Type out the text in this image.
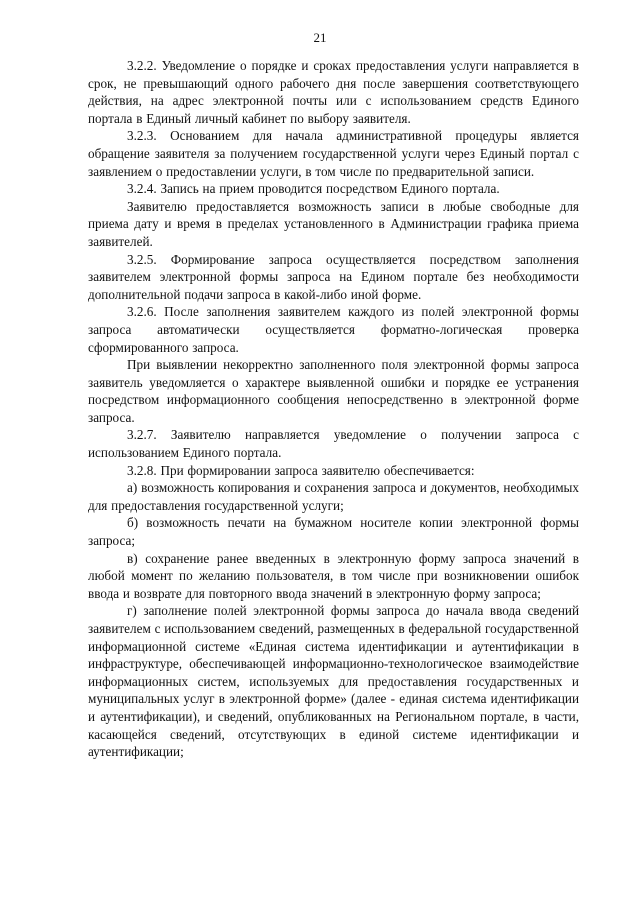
21

3.2.2. Уведомление о порядке и сроках предоставления услуги направляется в срок, не превышающий одного рабочего дня после завершения соответствующего действия, на адрес электронной почты или с использованием средств Единого портала в Единый личный кабинет по выбору заявителя.

3.2.3. Основанием для начала административной процедуры является обращение заявителя за получением государственной услуги через Единый портал с заявлением о предоставлении услуги, в том числе по предварительной записи.

3.2.4. Запись на прием проводится посредством Единого портала.

Заявителю предоставляется возможность записи в любые свободные для приема дату и время в пределах установленного в Администрации графика приема заявителей.

3.2.5. Формирование запроса осуществляется посредством заполнения заявителем электронной формы запроса на Едином портале без необходимости дополнительной подачи запроса в какой-либо иной форме.

3.2.6. После заполнения заявителем каждого из полей электронной формы запроса автоматически осуществляется форматно-логическая проверка сформированного запроса.

При выявлении некорректно заполненного поля электронной формы запроса заявитель уведомляется о характере выявленной ошибки и порядке ее устранения посредством информационного сообщения непосредственно в электронной форме запроса.

3.2.7. Заявителю направляется уведомление о получении запроса с использованием Единого портала.

3.2.8. При формировании запроса заявителю обеспечивается:

а) возможность копирования и сохранения запроса и документов, необходимых для предоставления государственной услуги;

б) возможность печати на бумажном носителе копии электронной формы запроса;

в) сохранение ранее введенных в электронную форму запроса значений в любой момент по желанию пользователя, в том числе при возникновении ошибок ввода и возврате для повторного ввода значений в электронную форму запроса;

г) заполнение полей электронной формы запроса до начала ввода сведений заявителем с использованием сведений, размещенных в федеральной государственной информационной системе «Единая система идентификации и аутентификации в инфраструктуре, обеспечивающей информационно-технологическое взаимодействие информационных систем, используемых для предоставления государственных и муниципальных услуг в электронной форме» (далее - единая система идентификации и аутентификации), и сведений, опубликованных на Региональном портале, в части, касающейся сведений, отсутствующих в единой системе идентификации и аутентификации;
